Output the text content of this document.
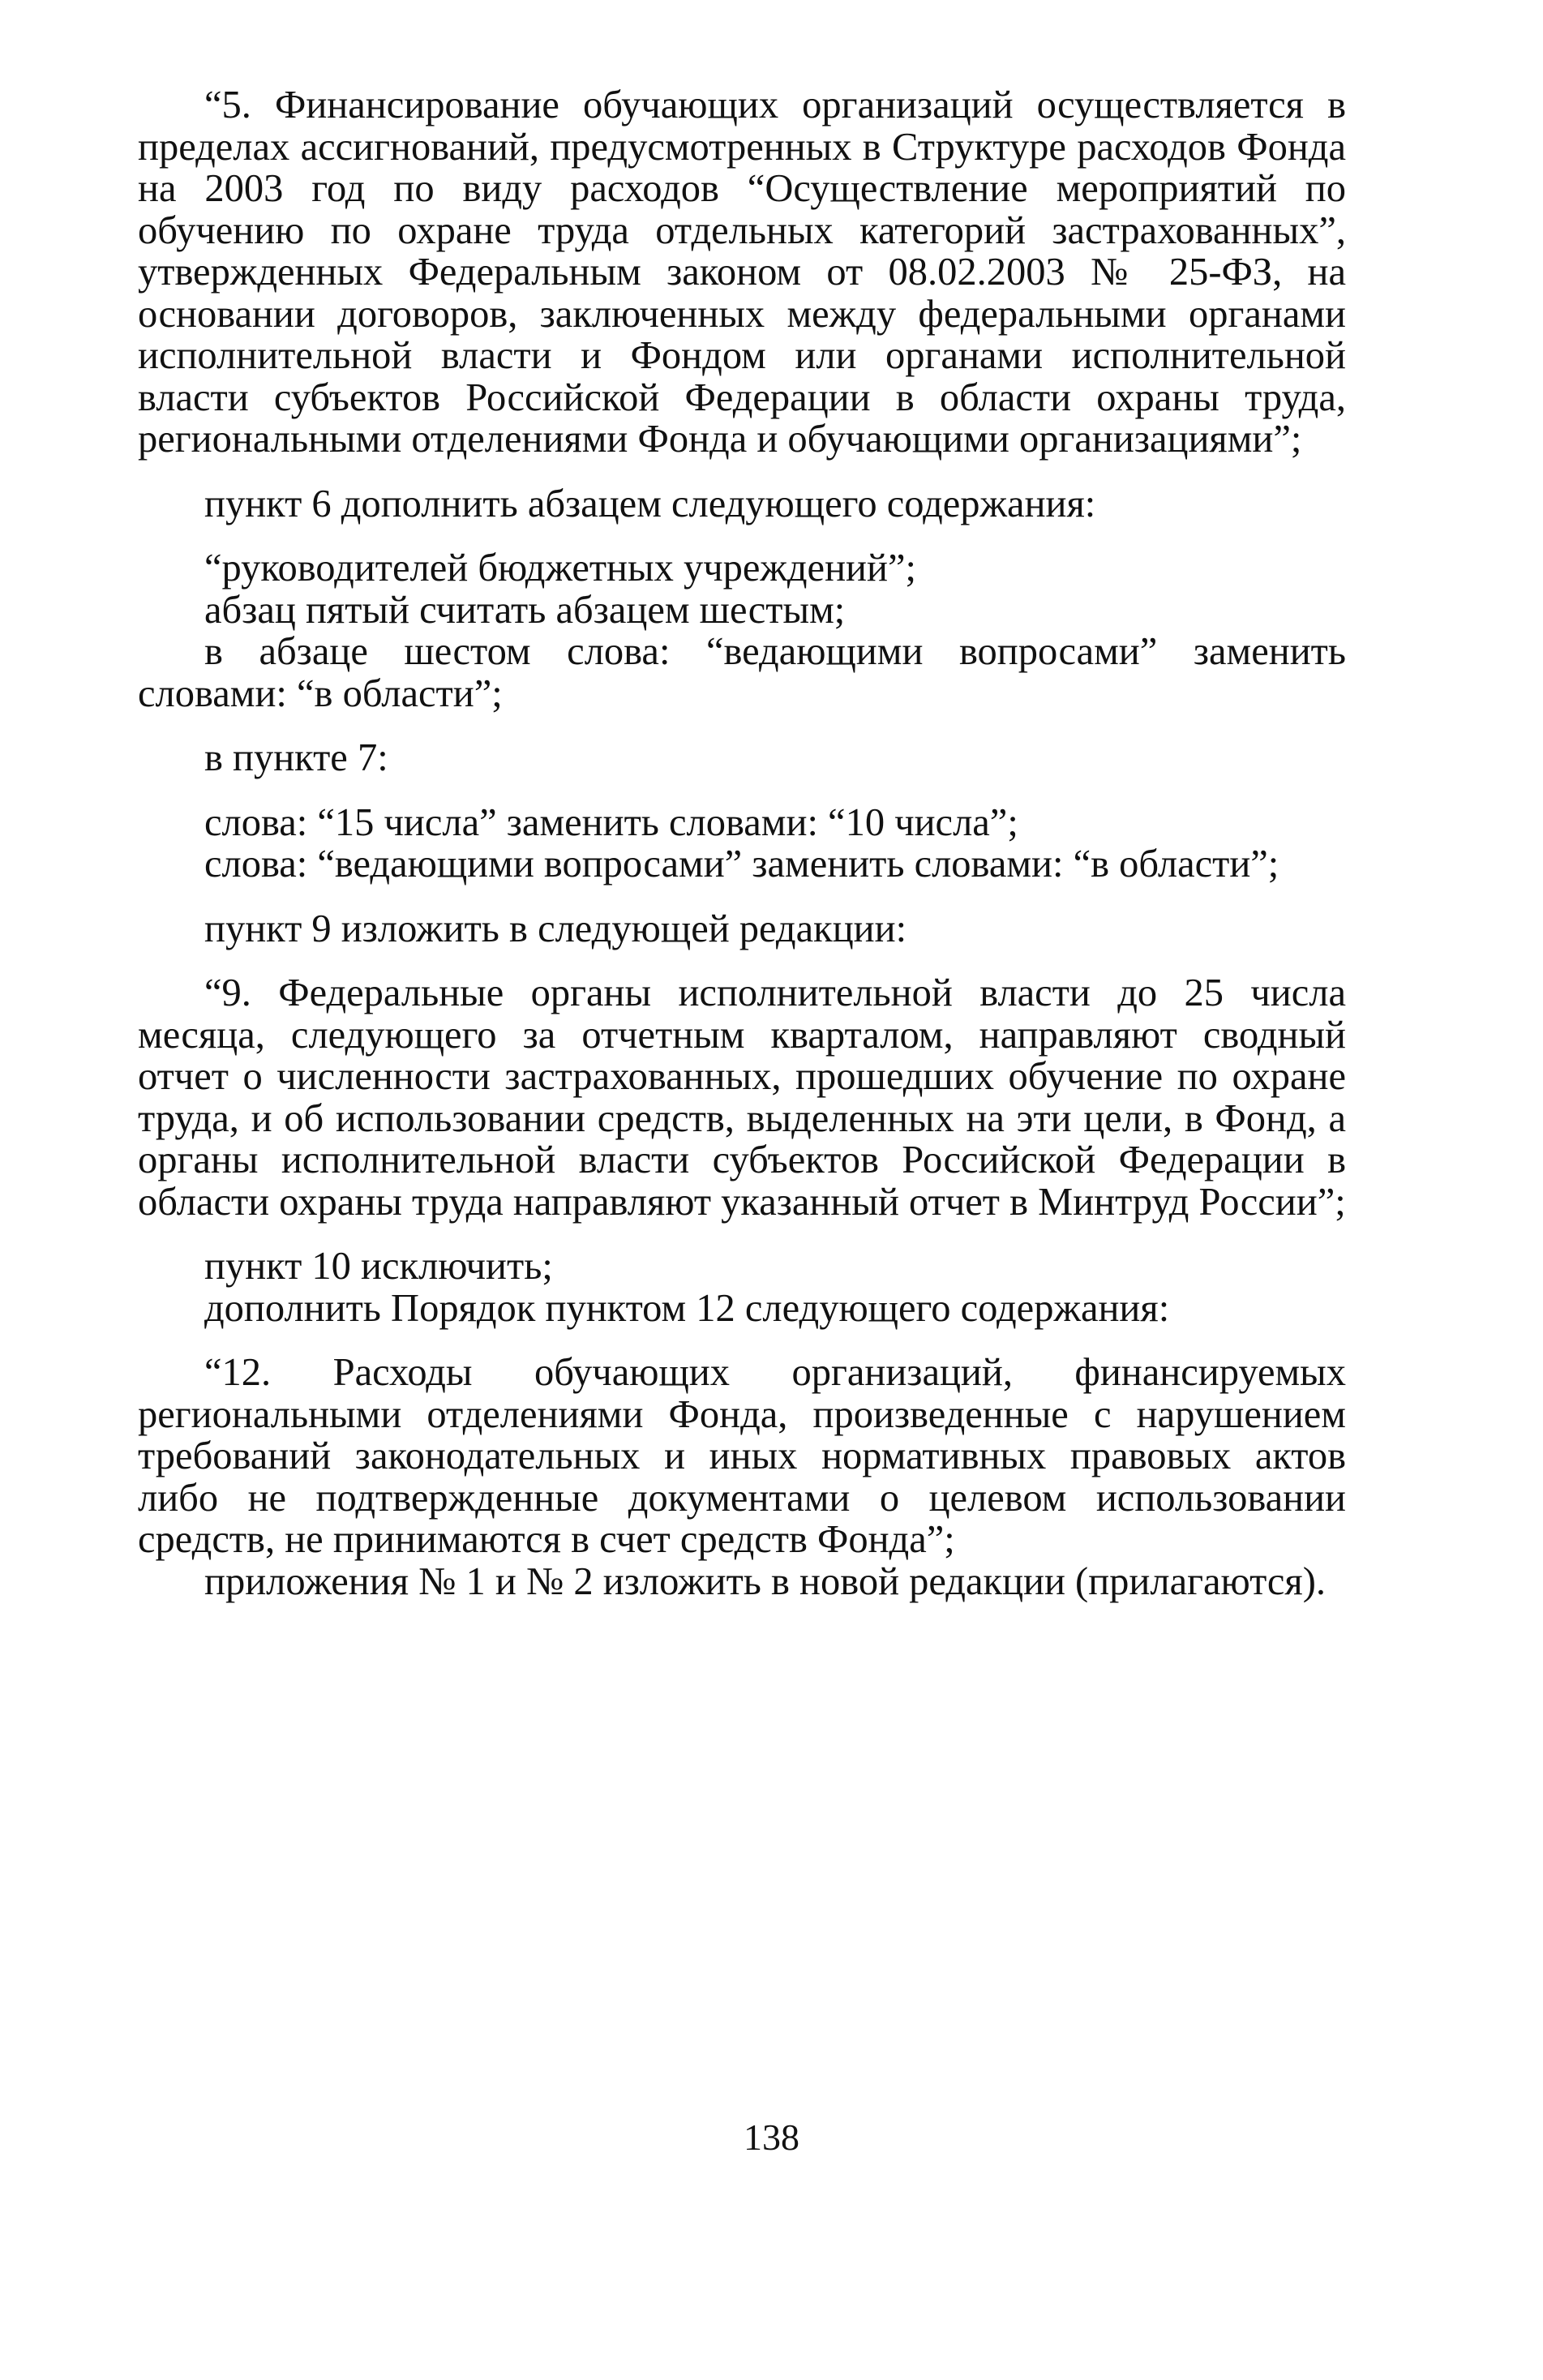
“5. Финансирование обучающих организаций осуществляется в пределах ассигнований, предусмотренных в Структуре расходов Фонда на 2003 год по виду расходов “Осуществление мероприятий по обучению по охране труда отдельных категорий застрахованных”, утвержденных Федеральным законом от 08.02.2003 № 25-ФЗ, на основании договоров, заключенных между федеральными органами исполнительной власти и Фондом или органами исполнительной власти субъектов Российской Федерации в области охраны труда, региональными отделениями Фонда и обучающими организациями”;

пункт 6 дополнить абзацем следующего содержания:

“руководителей бюджетных учреждений”;

абзац пятый считать абзацем шестым;

в абзаце шестом слова: “ведающими вопросами” заменить словами: “в области”;

в пункте 7:

слова: “15 числа” заменить словами: “10 числа”;

слова: “ведающими вопросами” заменить словами: “в области”;

пункт 9 изложить в следующей редакции:

“9. Федеральные органы исполнительной власти до 25 числа месяца, следующего за отчетным кварталом, направляют сводный отчет о численности застрахованных, прошедших обучение по охране труда, и об использовании средств, выделенных на эти цели, в Фонд, а органы исполнительной власти субъектов Российской Федерации в области охраны труда направляют указанный отчет в Минтруд России”;

пункт 10 исключить;

дополнить Порядок пунктом 12 следующего содержания:

“12. Расходы обучающих организаций, финансируемых региональными отделениями Фонда, произведенные с нарушением требований законодательных и иных нормативных правовых актов либо не подтвержденные документами о целевом использовании средств, не принимаются в счет средств Фонда”;

приложения № 1 и № 2 изложить в новой редакции (прилагаются).

138
